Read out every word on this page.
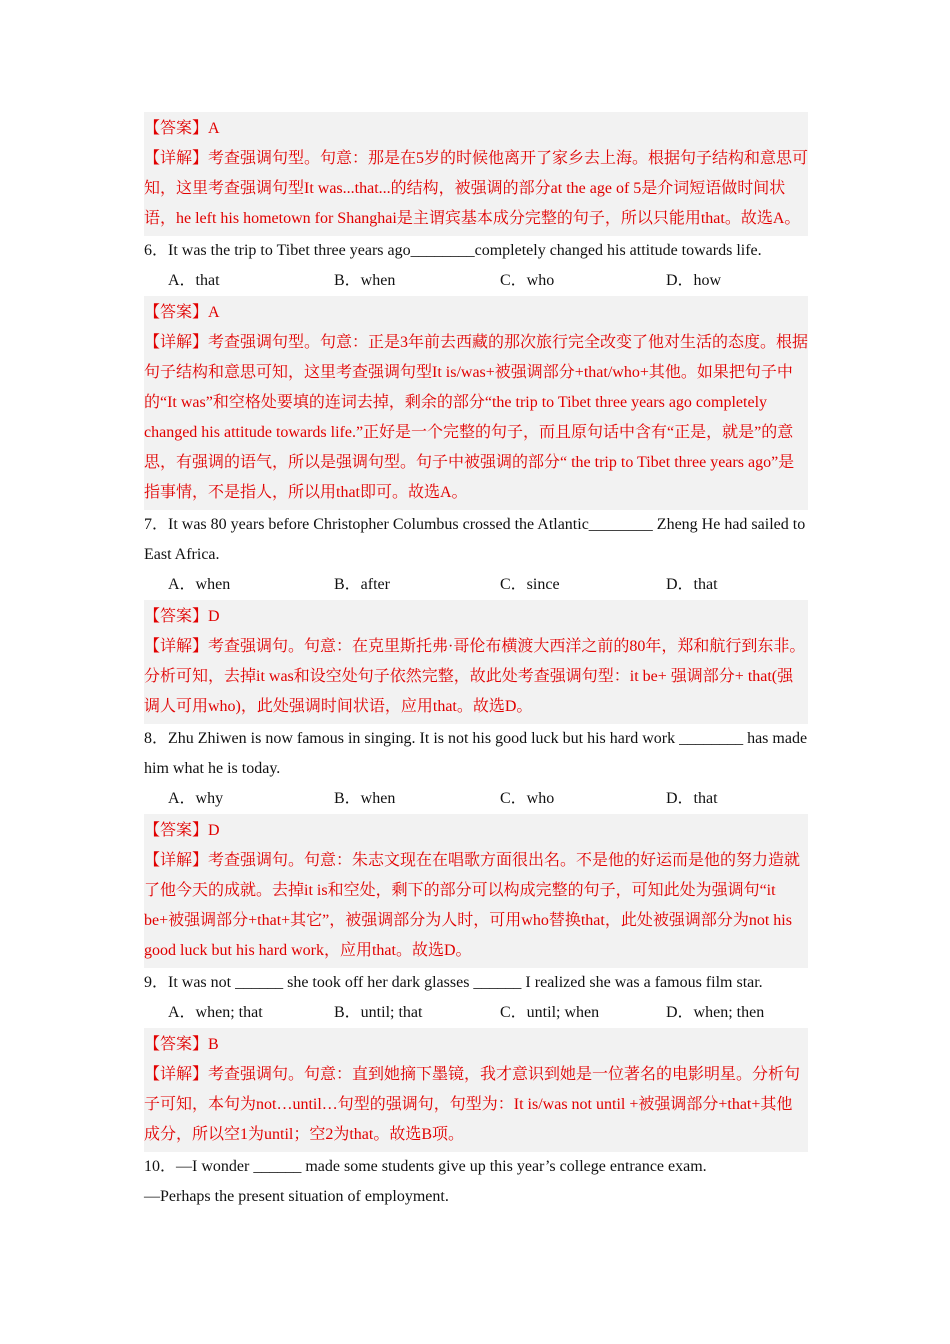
【答案】A
【详解】考查强调句型。句意：那是在5岁的时候他离开了家乡去上海。根据句子结构和意思可知，这里考查强调句型It was...that...的结构，被强调的部分at the age of 5是介词短语做时间状语，he left his hometown for Shanghai是主谓宾基本成分完整的句子，所以只能用that。故选A。
6．It was the trip to Tibet three years ago________completely changed his attitude towards life.
A．that	B．when	C．who	D．how
【答案】A
【详解】考查强调句型。句意：正是3年前去西藏的那次旅行完全改变了他对生活的态度。根据句子结构和意思可知，这里考查强调句型It is/was+被强调部分+that/who+其他。如果把句子中的“It was”和空格处要填的连词去掉，剩余的部分“the trip to Tibet three years ago completely changed his attitude towards life.”正好是一个完整的句子，而且原句话中含有“正是，就是”的意思，有强调的语气，所以是强调句型。句子中被强调的部分“ the trip to Tibet three years ago”是指事情，不是指人，所以用that即可。故选A。
7．It was 80 years before Christopher Columbus crossed the Atlantic________ Zheng He had sailed to East Africa.
A．when	B．after	C．since	D．that
【答案】D
【详解】考查强调句。句意：在克里斯托弗·哥伦布横渡大西洋之前的80年，郑和航行到东非。分析可知，去掉it was和设空处句子依然完整，故此处考查强调句型：it be+ 强调部分+ that(强调人可用who)，此处强调时间状语，应用that。故选D。
8．Zhu Zhiwen is now famous in singing. It is not his good luck but his hard work ________ has made him what he is today.
A．why	B．when	C．who	D．that
【答案】D
【详解】考查强调句。句意：朱志文现在在唱歌方面很出名。不是他的好运而是他的努力造就了他今天的成就。去掉it is和空处，剩下的部分可以构成完整的句子，可知此处为强调句“it be+被强调部分+that+其它”，被强调部分为人时，可用who替换that，此处被强调部分为not his good luck but his hard work，应用that。故选D。
9．It was not ______ she took off her dark glasses ______ I realized she was a famous film star.
A．when; that	B．until; that	C．until; when	D．when; then
【答案】B
【详解】考查强调句。句意：直到她摘下墨镜，我才意识到她是一位著名的电影明星。分析句子可知，本句为not…until…句型的强调句，句型为：It is/was not until +被强调部分+that+其他成分，所以空1为until；空2为that。故选B项。
10．—I wonder ______ made some students give up this year’s college entrance exam.
—Perhaps the present situation of employment.
